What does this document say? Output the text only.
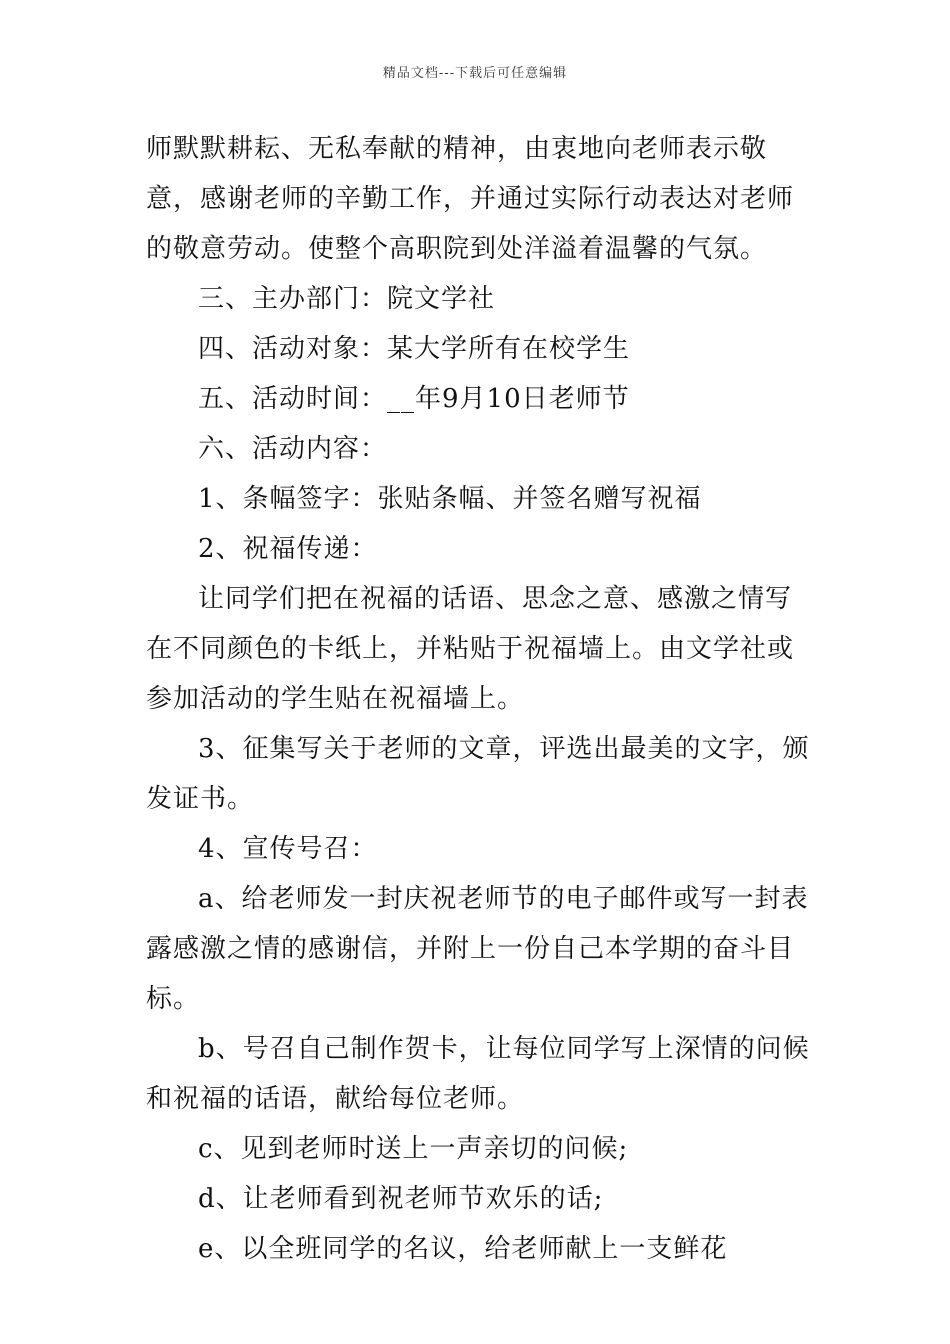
精品文档---下载后可任意编辑

师默默耕耘、无私奉献的精神，由衷地向老师表示敬意，感谢老师的辛勤工作，并通过实际行动表达对老师的敬意劳动。使整个高职院到处洋溢着温馨的气氛。

三、主办部门：院文学社

四、活动对象：某大学所有在校学生

五、活动时间：__年9月10日老师节

六、活动内容：

1、条幅签字：张贴条幅、并签名赠写祝福

2、祝福传递：

让同学们把在祝福的话语、思念之意、感激之情写在不同颜色的卡纸上，并粘贴于祝福墙上。由文学社或参加活动的学生贴在祝福墙上。

3、征集写关于老师的文章，评选出最美的文字，颁发证书。

4、宣传号召：

a、给老师发一封庆祝老师节的电子邮件或写一封表露感激之情的感谢信，并附上一份自己本学期的奋斗目标。

b、号召自己制作贺卡，让每位同学写上深情的问候和祝福的话语，献给每位老师。

c、见到老师时送上一声亲切的问候;

d、让老师看到祝老师节欢乐的话;

e、以全班同学的名议，给老师献上一支鲜花
